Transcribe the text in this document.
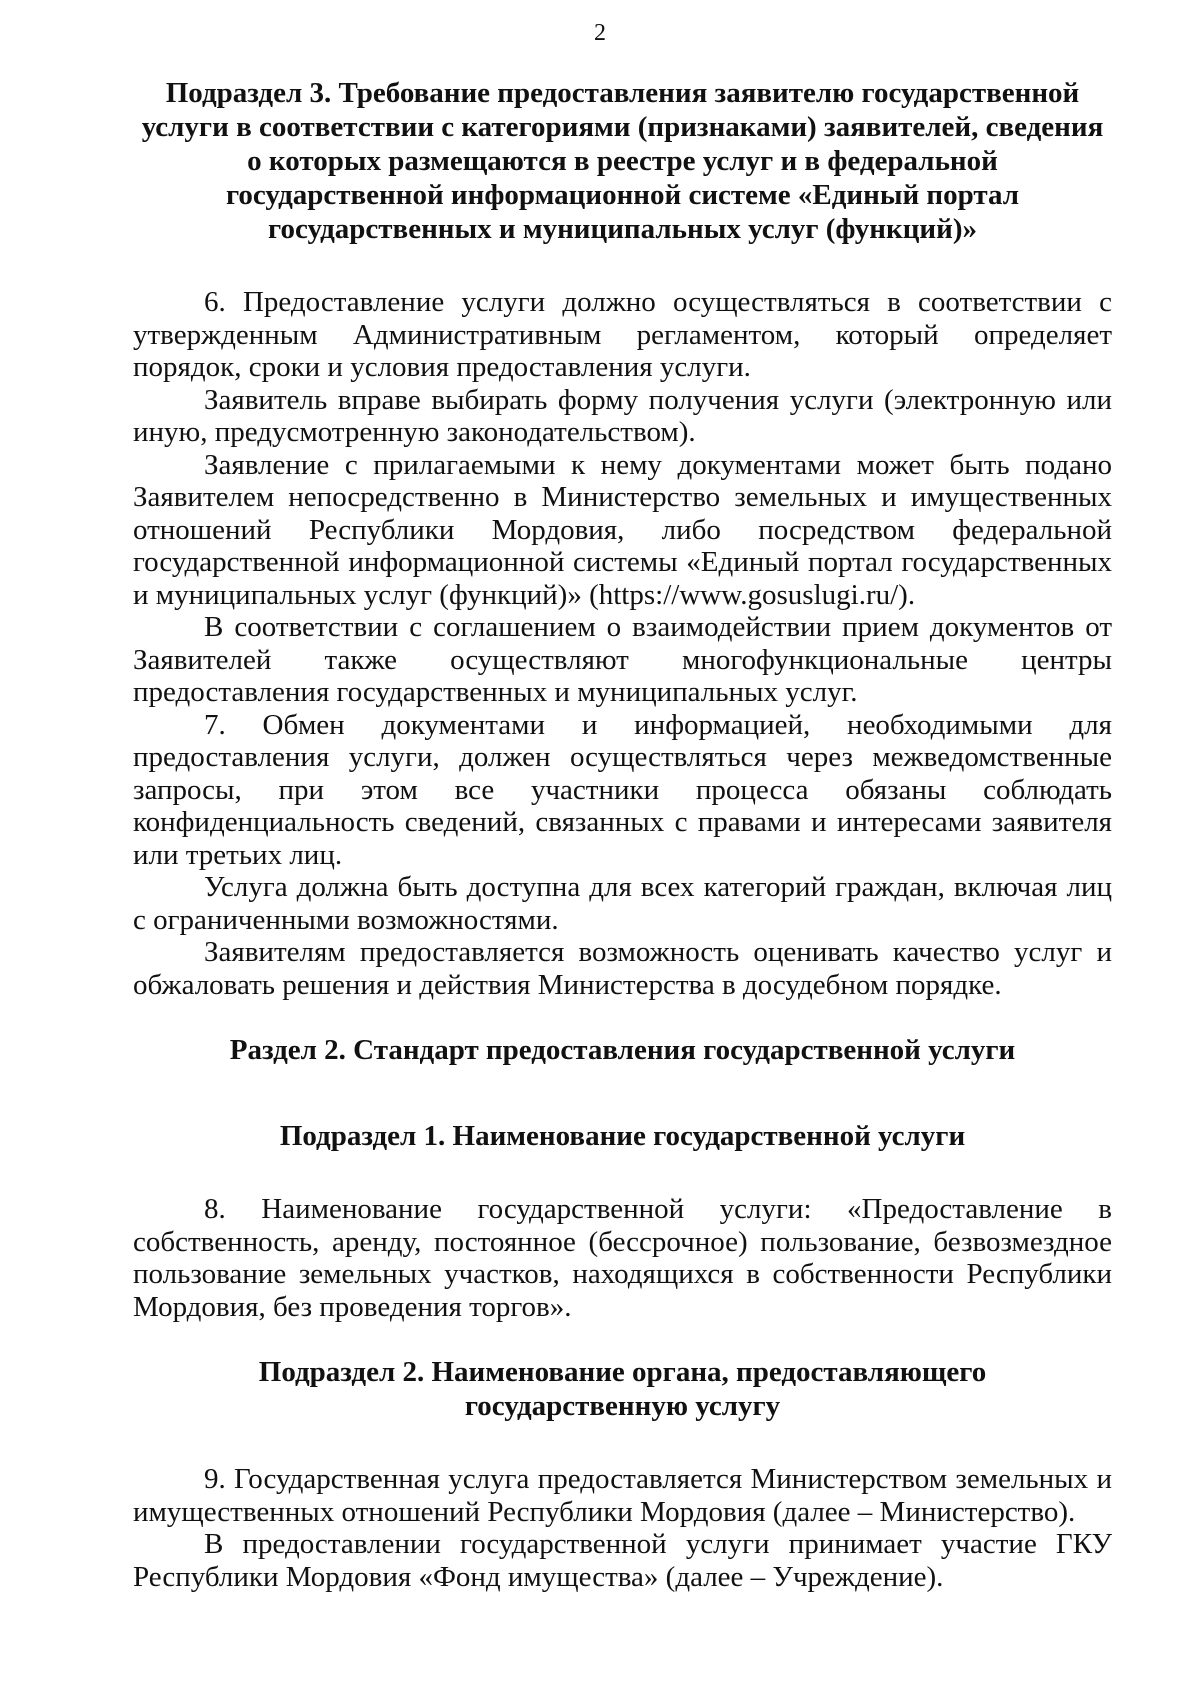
2
Подраздел 3. Требование предоставления заявителю государственной услуги в соответствии с категориями (признаками) заявителей, сведения о которых размещаются в реестре услуг и в федеральной государственной информационной системе «Единый портал государственных и муниципальных услуг (функций)»

6. Предоставление услуги должно осуществляться в соответствии с утвержденным Административным регламентом, который определяет порядок, сроки и условия предоставления услуги.

Заявитель вправе выбирать форму получения услуги (электронную или иную, предусмотренную законодательством).

Заявление с прилагаемыми к нему документами может быть подано Заявителем непосредственно в Министерство земельных и имущественных отношений Республики Мордовия, либо посредством федеральной государственной информационной системы «Единый портал государственных и муниципальных услуг (функций)» (https://www.gosuslugi.ru/).

В соответствии с соглашением о взаимодействии прием документов от Заявителей также осуществляют многофункциональные центры предоставления государственных и муниципальных услуг.

7. Обмен документами и информацией, необходимыми для предоставления услуги, должен осуществляться через межведомственные запросы, при этом все участники процесса обязаны соблюдать конфиденциальность сведений, связанных с правами и интересами заявителя или третьих лиц.

Услуга должна быть доступна для всех категорий граждан, включая лиц с ограниченными возможностями.

Заявителям предоставляется возможность оценивать качество услуг и обжаловать решения и действия Министерства в досудебном порядке.

Раздел 2. Стандарт предоставления государственной услуги
Подраздел 1. Наименование государственной услуги

8. Наименование государственной услуги: «Предоставление в собственность, аренду, постоянное (бессрочное) пользование, безвозмездное пользование земельных участков, находящихся в собственности Республики Мордовия, без проведения торгов».

Подраздел 2. Наименование органа, предоставляющего
государственную услугу

9. Государственная услуга предоставляется Министерством земельных и имущественных отношений Республики Мордовия (далее – Министерство).

В предоставлении государственной услуги принимает участие ГКУ Республики Мордовия «Фонд имущества» (далее – Учреждение).
